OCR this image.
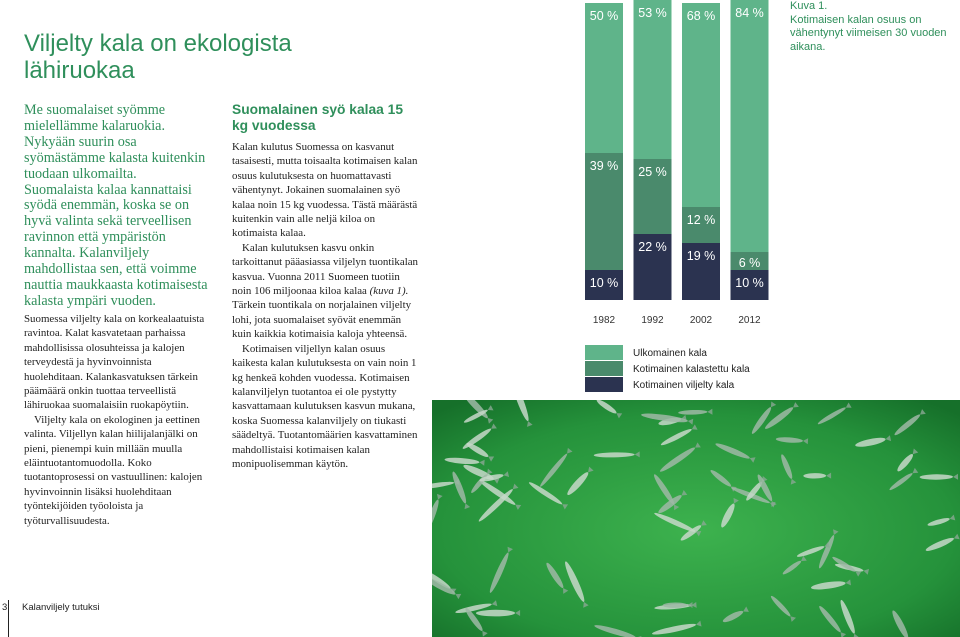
Viljelty kala on ekologista lähiruokaa

Me suomalaiset syömme mielellämme kalaruokia. Nykyään suurin osa syömästämme kalasta kuitenkin tuodaan ulkomailta. Suomalaista kalaa kannattaisi syödä enemmän, koska se on hyvä valinta sekä terveellisen ravinnon että ympäristön kannalta. Kalanviljely mahdollistaa sen, että voimme nauttia maukkaasta kotimaisesta kalasta ympäri vuoden.

Suomessa viljelty kala on korkealaatuista ravintoa. Kalat kasvatetaan parhaissa mahdollisissa olosuhteissa ja kalojen terveydestä ja hyvinvoinnista huolehditaan. Kalankasvatuksen tärkein päämäärä onkin tuottaa terveellistä lähiruokaa suomalaisiin ruokapöytiin.

Viljelty kala on ekologinen ja eettinen valinta. Viljellyn kalan hiilijalanjälki on pieni, pienempi kuin millään muulla eläintuotantomuodolla. Koko tuotantoprosessi on vastuullinen: kalojen hyvinvoinnin lisäksi huolehditaan työntekijöiden työoloista ja työturvallisuudesta.

Suomalainen syö kalaa 15 kg vuodessa

Kalan kulutus Suomessa on kasvanut tasaisesti, mutta toisaalta kotimaisen kalan osuus kulutuksesta on huomattavasti vähentynyt. Jokainen suomalainen syö kalaa noin 15 kg vuodessa. Tästä määrästä kuitenkin vain alle neljä kiloa on kotimaista kalaa.

Kalan kulutuksen kasvu onkin tarkoittanut pääasiassa viljelyn tuontikalan kasvua. Vuonna 2011 Suomeen tuotiin noin 106 miljoonaa kiloa kalaa (kuva 1). Tärkein tuontikala on norjalainen viljelty lohi, jota suomalaiset syövät enemmän kuin kaikkia kotimaisia kaloja yhteensä.

Kotimaisen viljellyn kalan osuus kaikesta kalan kulutuksesta on vain noin 1 kg henkeä kohden vuodessa. Kotimaisen kalanviljelyn tuotantoa ei ole pystytty kasvattamaan kulutuksen kasvun mukana, koska Suomessa kalanviljely on tiukasti säädeltyä. Tuotantomäärien kasvattaminen mahdollistaisi kotimaisen kalan monipuolisemman käytön.

Kuva 1.
Kotimaisen kalan osuus on vähentynyt viimeisen 30 vuoden aikana.
10 %
39 %
50 %
22 %
25 %
53 %
19 %
12 %
68 %
10 %
6 %
84 %
1982	1992	2002	2012
Ulkomainen kala
Kotimainen kalastettu kala
Kotimainen viljelty kala
3 Kalanviljely tutuksi
